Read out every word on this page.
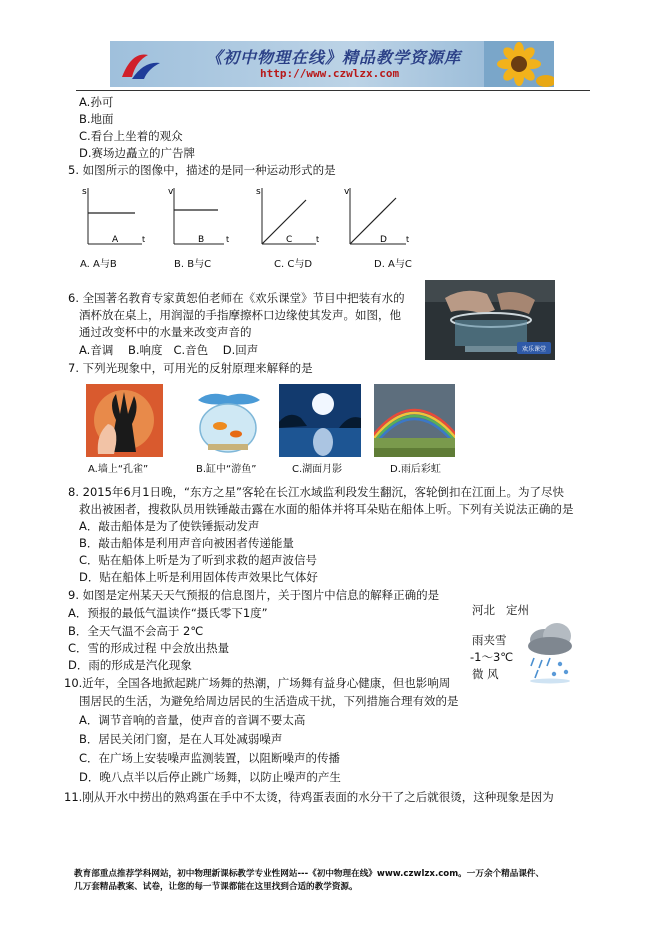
《初中物理在线》精品教学资源库
http://www.czwlzx.com
A.孙可
B.地面
C.看台上坐着的观众
D.赛场边矗立的广告牌
5. 如图所示的图像中，描述的是同一种运动形式的是
s
A	t
v
B	t
s
C	t
v
D t
A. A与B	B. B与C	C. C与D	D. A与C
6. 全国著名教育专家黄恕伯老师在《欢乐课堂》节目中把装有水的
酒杯放在桌上，用润湿的手指摩擦杯口边缘使其发声。如图，他
通过改变杯中的水量来改变声音的
A.音调    B.响度   C.音色    D.回声	欢乐课堂
7. 下列光现象中，可用光的反射原理来解释的是
A.墙上“孔雀”	B.缸中“游鱼”	C.湖面月影	D.雨后彩虹
8. 2015年6月1日晚，“东方之星”客轮在长江水域监利段发生翻沉，客轮倒扣在江面上。为了尽快
救出被困者，搜救队员用铁锤敲击露在水面的船体并将耳朵贴在船体上听。下列有关说法正确的是
A．敲击船体是为了使铁锤振动发声
B．敲击船体是利用声音向被困者传递能量
C．贴在船体上听是为了听到求救的超声波信号
D．贴在船体上听是利用固体传声效果比气体好
9. 如图是定州某天天气预报的信息图片，关于图片中信息的解释正确的是
A．预报的最低气温读作“摄氏零下1度”
B．全天气温不会高于 2℃
C．雪的形成过程 中会放出热量
D．雨的形成是汽化现象
河北   定州
雨夹雪
-1～3℃
微 风
10.近年，全国各地掀起跳广场舞的热潮，广场舞有益身心健康，但也影响周
围居民的生活，为避免给周边居民的生活造成干扰，下列措施合理有效的是
A．调节音响的音量，使声音的音调不要太高
B．居民关闭门窗，是在人耳处减弱噪声
C．在广场上安装噪声监测装置，以阻断噪声的传播
D．晚八点半以后停止跳广场舞，以防止噪声的产生
11.刚从开水中捞出的熟鸡蛋在手中不太烫，待鸡蛋表面的水分干了之后就很烫，这种现象是因为
教育部重点推荐学科网站，初中物理新课标教学专业性网站---《初中物理在线》www.czwlzx.com。一万余个精品课件、
几万套精品教案、试卷，让您的每一节课都能在这里找到合适的教学资源。
